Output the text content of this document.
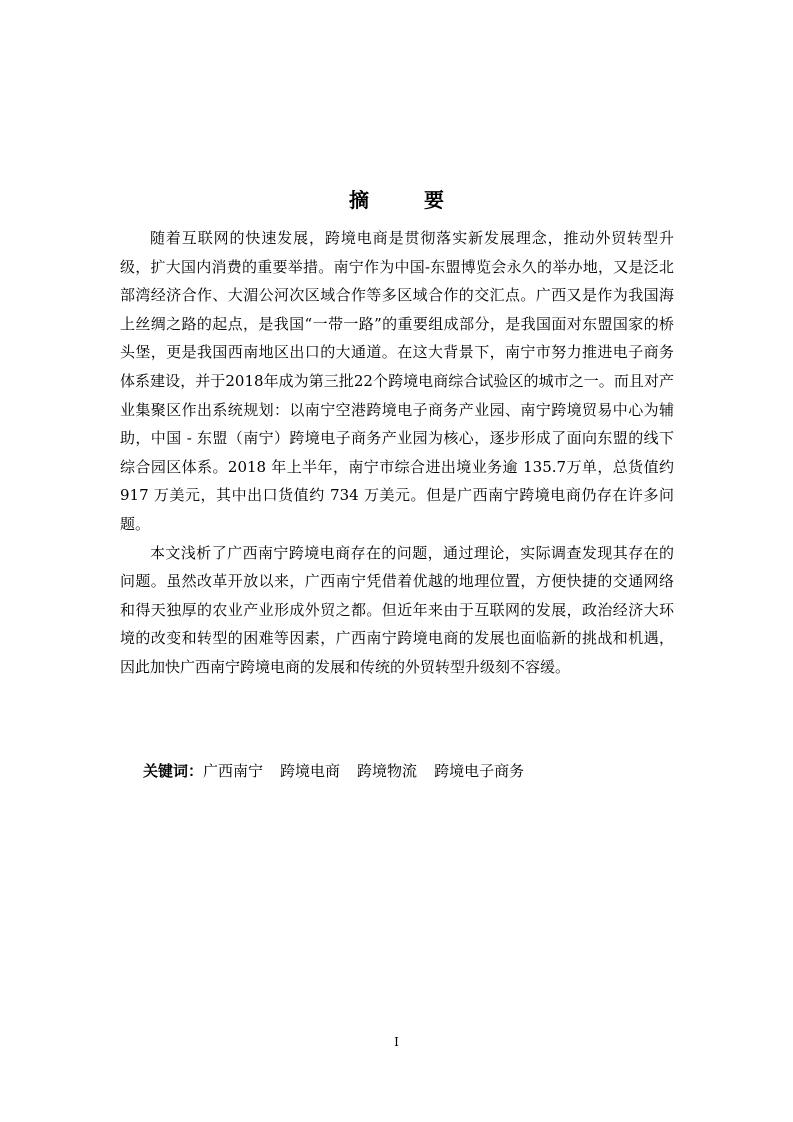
摘 要

随着互联网的快速发展，跨境电商是贯彻落实新发展理念，推动外贸转型升级，扩大国内消费的重要举措。南宁作为中国-东盟博览会永久的举办地，又是泛北部湾经济合作、大湄公河次区域合作等多区域合作的交汇点。广西又是作为我国海上丝绸之路的起点，是我国“一带一路”的重要组成部分，是我国面对东盟国家的桥头堡，更是我国西南地区出口的大通道。在这大背景下，南宁市努力推进电子商务体系建设，并于2018年成为第三批22个跨境电商综合试验区的城市之一。而且对产业集聚区作出系统规划：以南宁空港跨境电子商务产业园、南宁跨境贸易中心为辅助，中国 - 东盟（南宁）跨境电子商务产业园为核心，逐步形成了面向东盟的线下综合园区体系。2018 年上半年，南宁市综合进出境业务逾 135.7万单，总货值约 917 万美元，其中出口货值约 734 万美元。但是广西南宁跨境电商仍存在许多问题。

本文浅析了广西南宁跨境电商存在的问题，通过理论，实际调查发现其存在的问题。虽然改革开放以来，广西南宁凭借着优越的地理位置，方便快捷的交通网络和得天独厚的农业产业形成外贸之都。但近年来由于互联网的发展，政治经济大环境的改变和转型的困难等因素，广西南宁跨境电商的发展也面临新的挑战和机遇，因此加快广西南宁跨境电商的发展和传统的外贸转型升级刻不容缓。

关键词：广西南宁 跨境电商 跨境物流 跨境电子商务
I
